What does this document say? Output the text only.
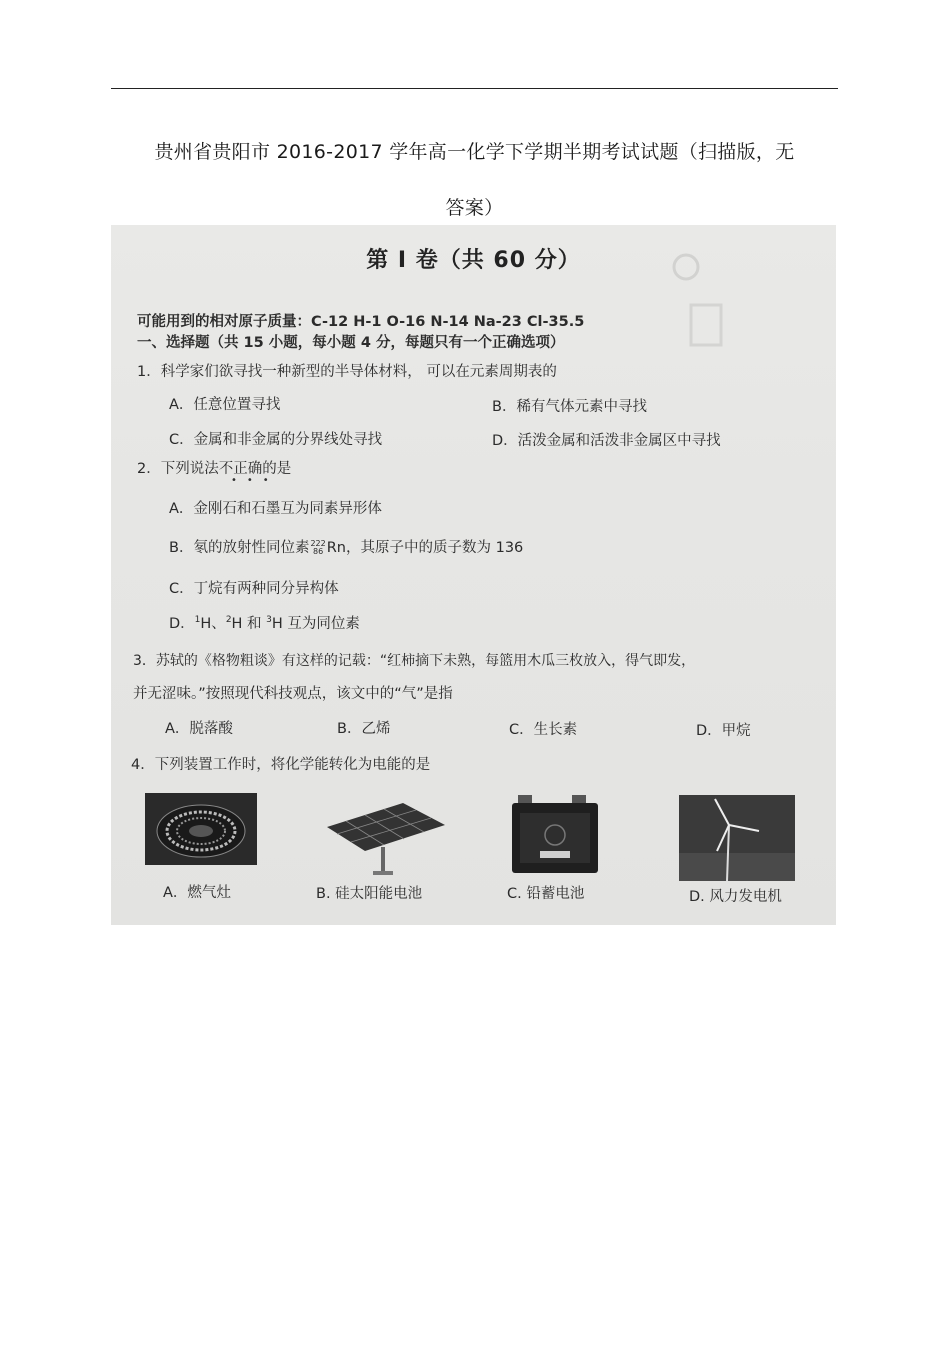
贵州省贵阳市 2016-2017 学年高一化学下学期半期考试试题（扫描版，无
答案）
第 Ⅰ 卷（共 60 分）
可能用到的相对原子质量：C-12 H-1 O-16 N-14 Na-23 Cl-35.5
一、选择题（共 15 小题，每小题 4 分，每题只有一个正确选项）
1．科学家们欲寻找一种新型的半导体材料， 可以在元素周期表的
A．任意位置寻找	B．稀有气体元素中寻找
C．金属和非金属的分界线处寻找	D．活泼金属和活泼非金属区中寻找
2．下列说法不正确的是
•••
A．金刚石和石墨互为同素异形体
B．氡的放射性同位素222
86 Rn，其原子中的质子数为 136
C．丁烷有两种同分异构体
D．$^1$H、$^2$H 和 $^3$H 互为同位素
3．苏轼的《格物粗谈》有这样的记载：“红柿摘下未熟，每篮用木瓜三枚放入，得气即发，
并无涩味。”按照现代科技观点，该文中的“气”是指
A．脱落酸	B．乙烯	C．生长素	D．甲烷
4．下列装置工作时，将化学能转化为电能的是
A．燃气灶	B. 硅太阳能电池	C. 铅蓄电池	D. 风力发电机
